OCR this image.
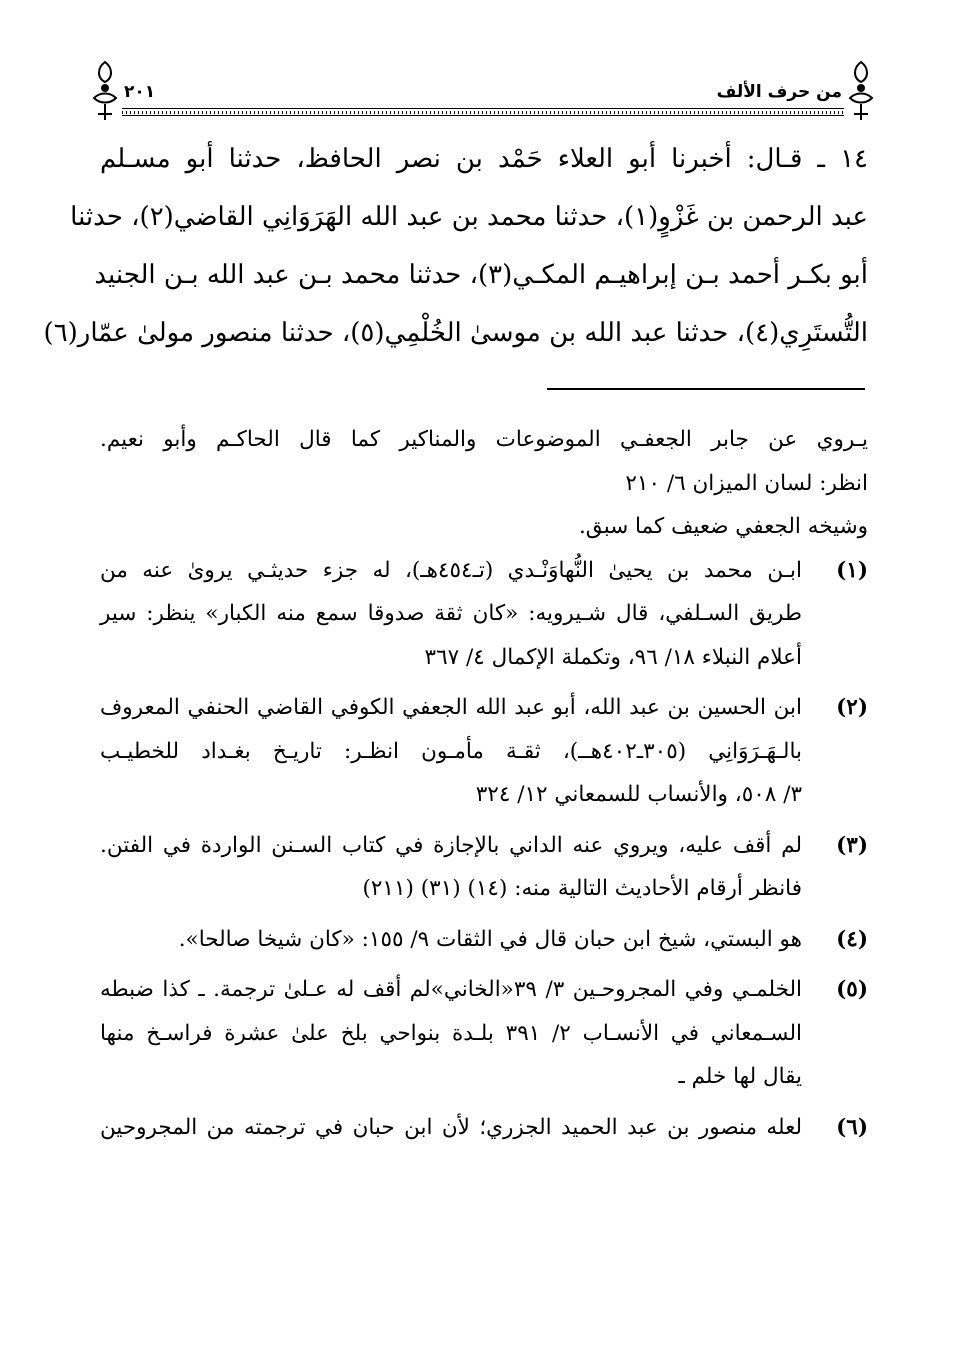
من حرف الألف
٢٠١
١٤ ـ قـال: أخبرنا أبو العلاء حَمْد بن نصر الحافظ، حدثنا أبو مسـلم
عبد الرحمن بن غَزْوٍ(١)، حدثنا محمد بن عبد الله الهَرَوَانِي القاضي(٢)، حدثنا
أبو بكـر أحمد بـن إبراهيـم المكـي(٣)، حدثنا محمد بـن عبد الله بـن الجنيد
التُّستَرِي(٤)، حدثنا عبد الله بن موسىٰ الخُلْمِي(٥)، حدثنا منصور مولىٰ عمّار(٦)
يـروي عن جابر الجعفـي الموضوعات والمناكير كما قال الحاكـم وأبو نعيم.
انظر: لسان الميزان ٦/ ٢١٠
وشيخه الجعفي ضعيف كما سبق.
(١)
ابـن محمد بن يحيىٰ النُّهاوَنْـدي (تـ٤٥٤هـ)، له جزء حديثـي يروىٰ عنه من
طريق السـلفي، قال شـيرويه: «كان ثقة صدوقا سمع منه الكبار» ينظر: سير
أعلام النبلاء ١٨/ ٩٦، وتكملة الإكمال ٤/ ٣٦٧
(٢)
ابن الحسين بن عبد الله، أبو عبد الله الجعفي الكوفي القاضي الحنفي المعروف
بالـهَـرَوَانِي (٣٠٥ـ٤٠٢هــ)، ثقـة مأمـون انظـر: تاريـخ بغـداد للخطيـب
٣/ ٥٠٨، والأنساب للسمعاني ١٢/ ٣٢٤
(٣)
لم أقف عليه، ويروي عنه الداني بالإجازة في كتاب السـنن الواردة في الفتن.
فانظر أرقام الأحاديث التالية منه: (١٤) (٣١) (٢١١)
(٤)
هو البستي، شيخ ابن حبان قال في الثقات ٩/ ١٥٥: «كان شيخا صالحا».
(٥)
الخلمـي وفي المجروحـين ٣/ ٣٩«الخاني»لم أقف له عـلىٰ ترجمة. ـ كذا ضبطه
السـمعاني في الأنسـاب ٢/ ٣٩١ بلـدة بنواحي بلخ علىٰ عشرة فراسـخ منها
يقال لها خلم ـ
(٦)
لعله منصور بن عبد الحميد الجزري؛ لأن ابن حبان في ترجمته من المجروحين
